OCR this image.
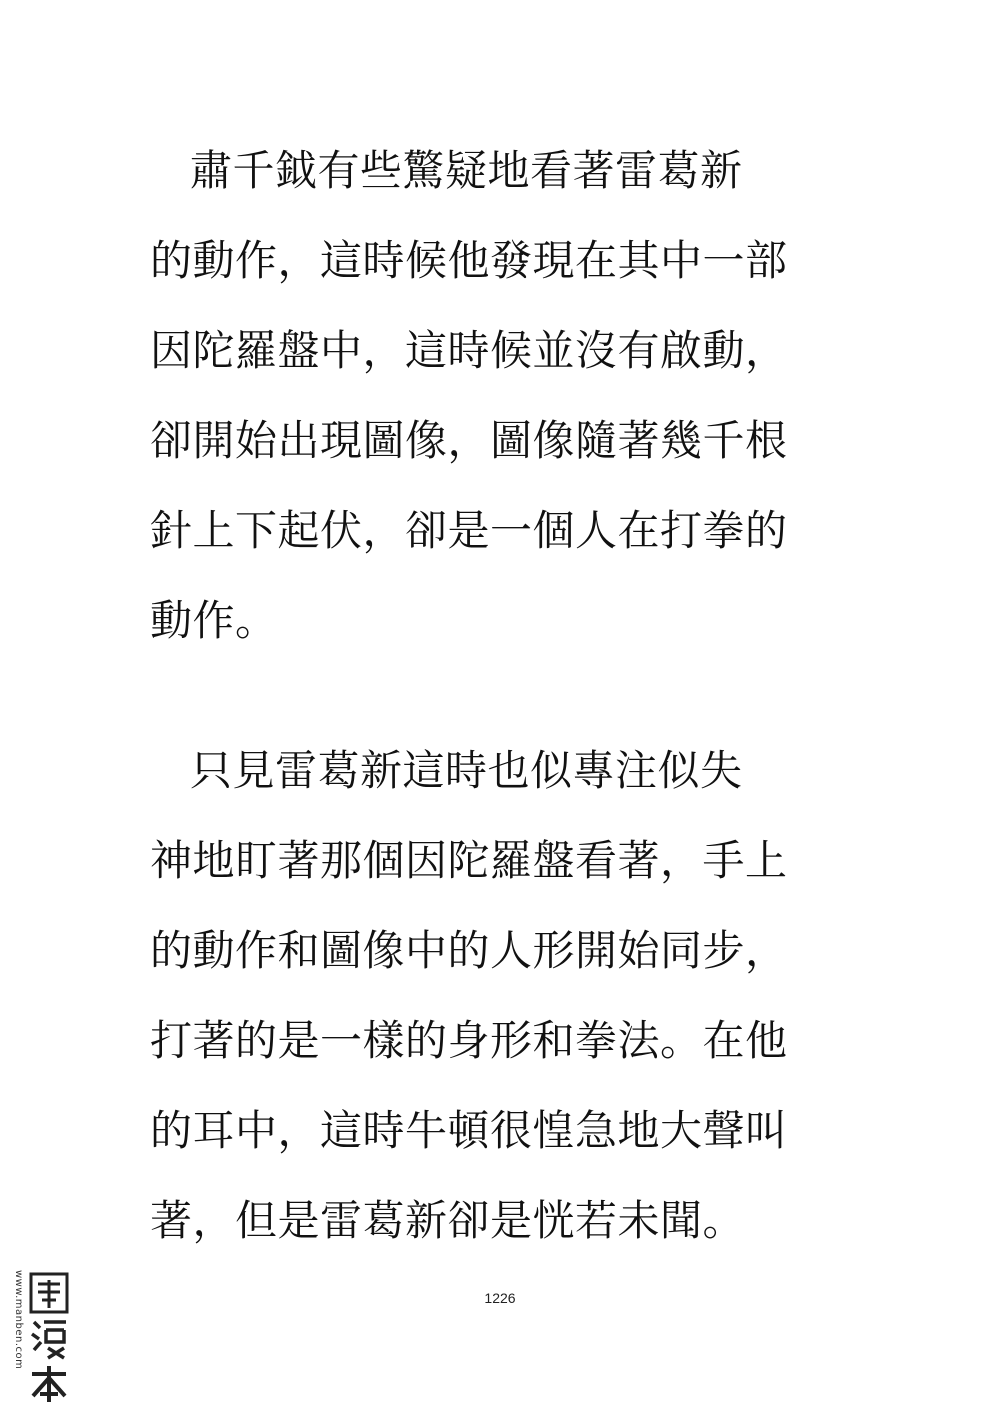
肅千鉞有些驚疑地看著雷葛新
的動作，這時候他發現在其中一部
因陀羅盤中，這時候並沒有啟動，
卻開始出現圖像，圖像隨著幾千根
針上下起伏，卻是一個人在打拳的
動作。
只見雷葛新這時也似專注似失
神地盯著那個因陀羅盤看著，手上
的動作和圖像中的人形開始同步，
打著的是一樣的身形和拳法。在他
的耳中，這時牛頓很惶急地大聲叫
著，但是雷葛新卻是恍若未聞。
1226
www.manben.com
